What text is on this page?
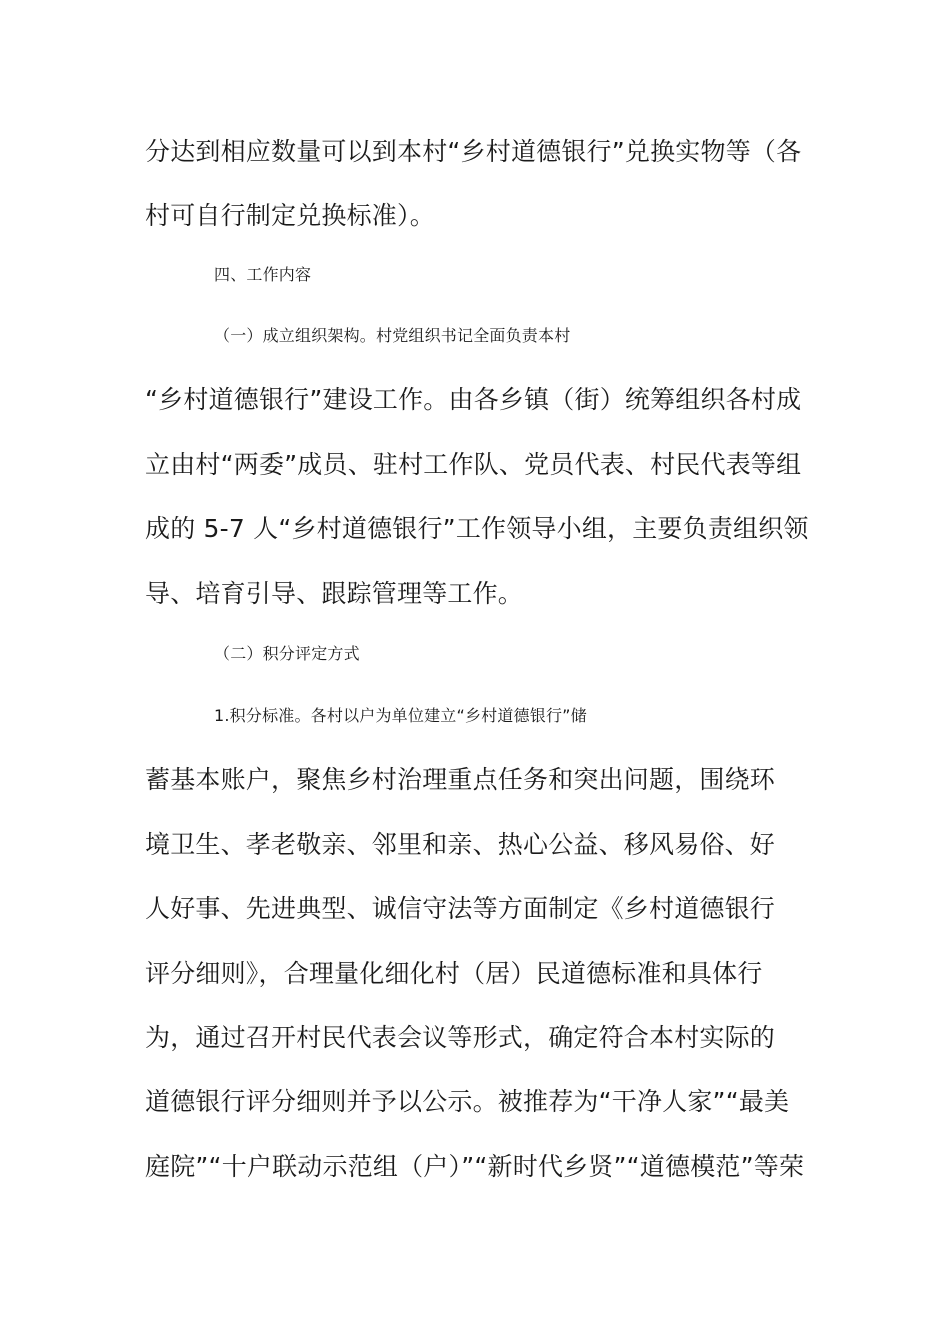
分达到相应数量可以到本村“乡村道德银行”兑换实物等（各
村可自行制定兑换标准）。
四、工作内容
（一）成立组织架构。村党组织书记全面负责本村
“乡村道德银行”建设工作。由各乡镇（街）统筹组织各村成
立由村“两委”成员、驻村工作队、党员代表、村民代表等组
成的 5-7 人“乡村道德银行”工作领导小组，主要负责组织领
导、培育引导、跟踪管理等工作。
（二）积分评定方式
1.积分标准。各村以户为单位建立“乡村道德银行”储
蓄基本账户，聚焦乡村治理重点任务和突出问题，围绕环
境卫生、孝老敬亲、邻里和亲、热心公益、移风易俗、好
人好事、先进典型、诚信守法等方面制定《乡村道德银行
评分细则》，合理量化细化村（居）民道德标准和具体行
为，通过召开村民代表会议等形式，确定符合本村实际的
道德银行评分细则并予以公示。被推荐为“干净人家”“最美
庭院”“十户联动示范组（户）”“新时代乡贤”“道德模范”等荣
